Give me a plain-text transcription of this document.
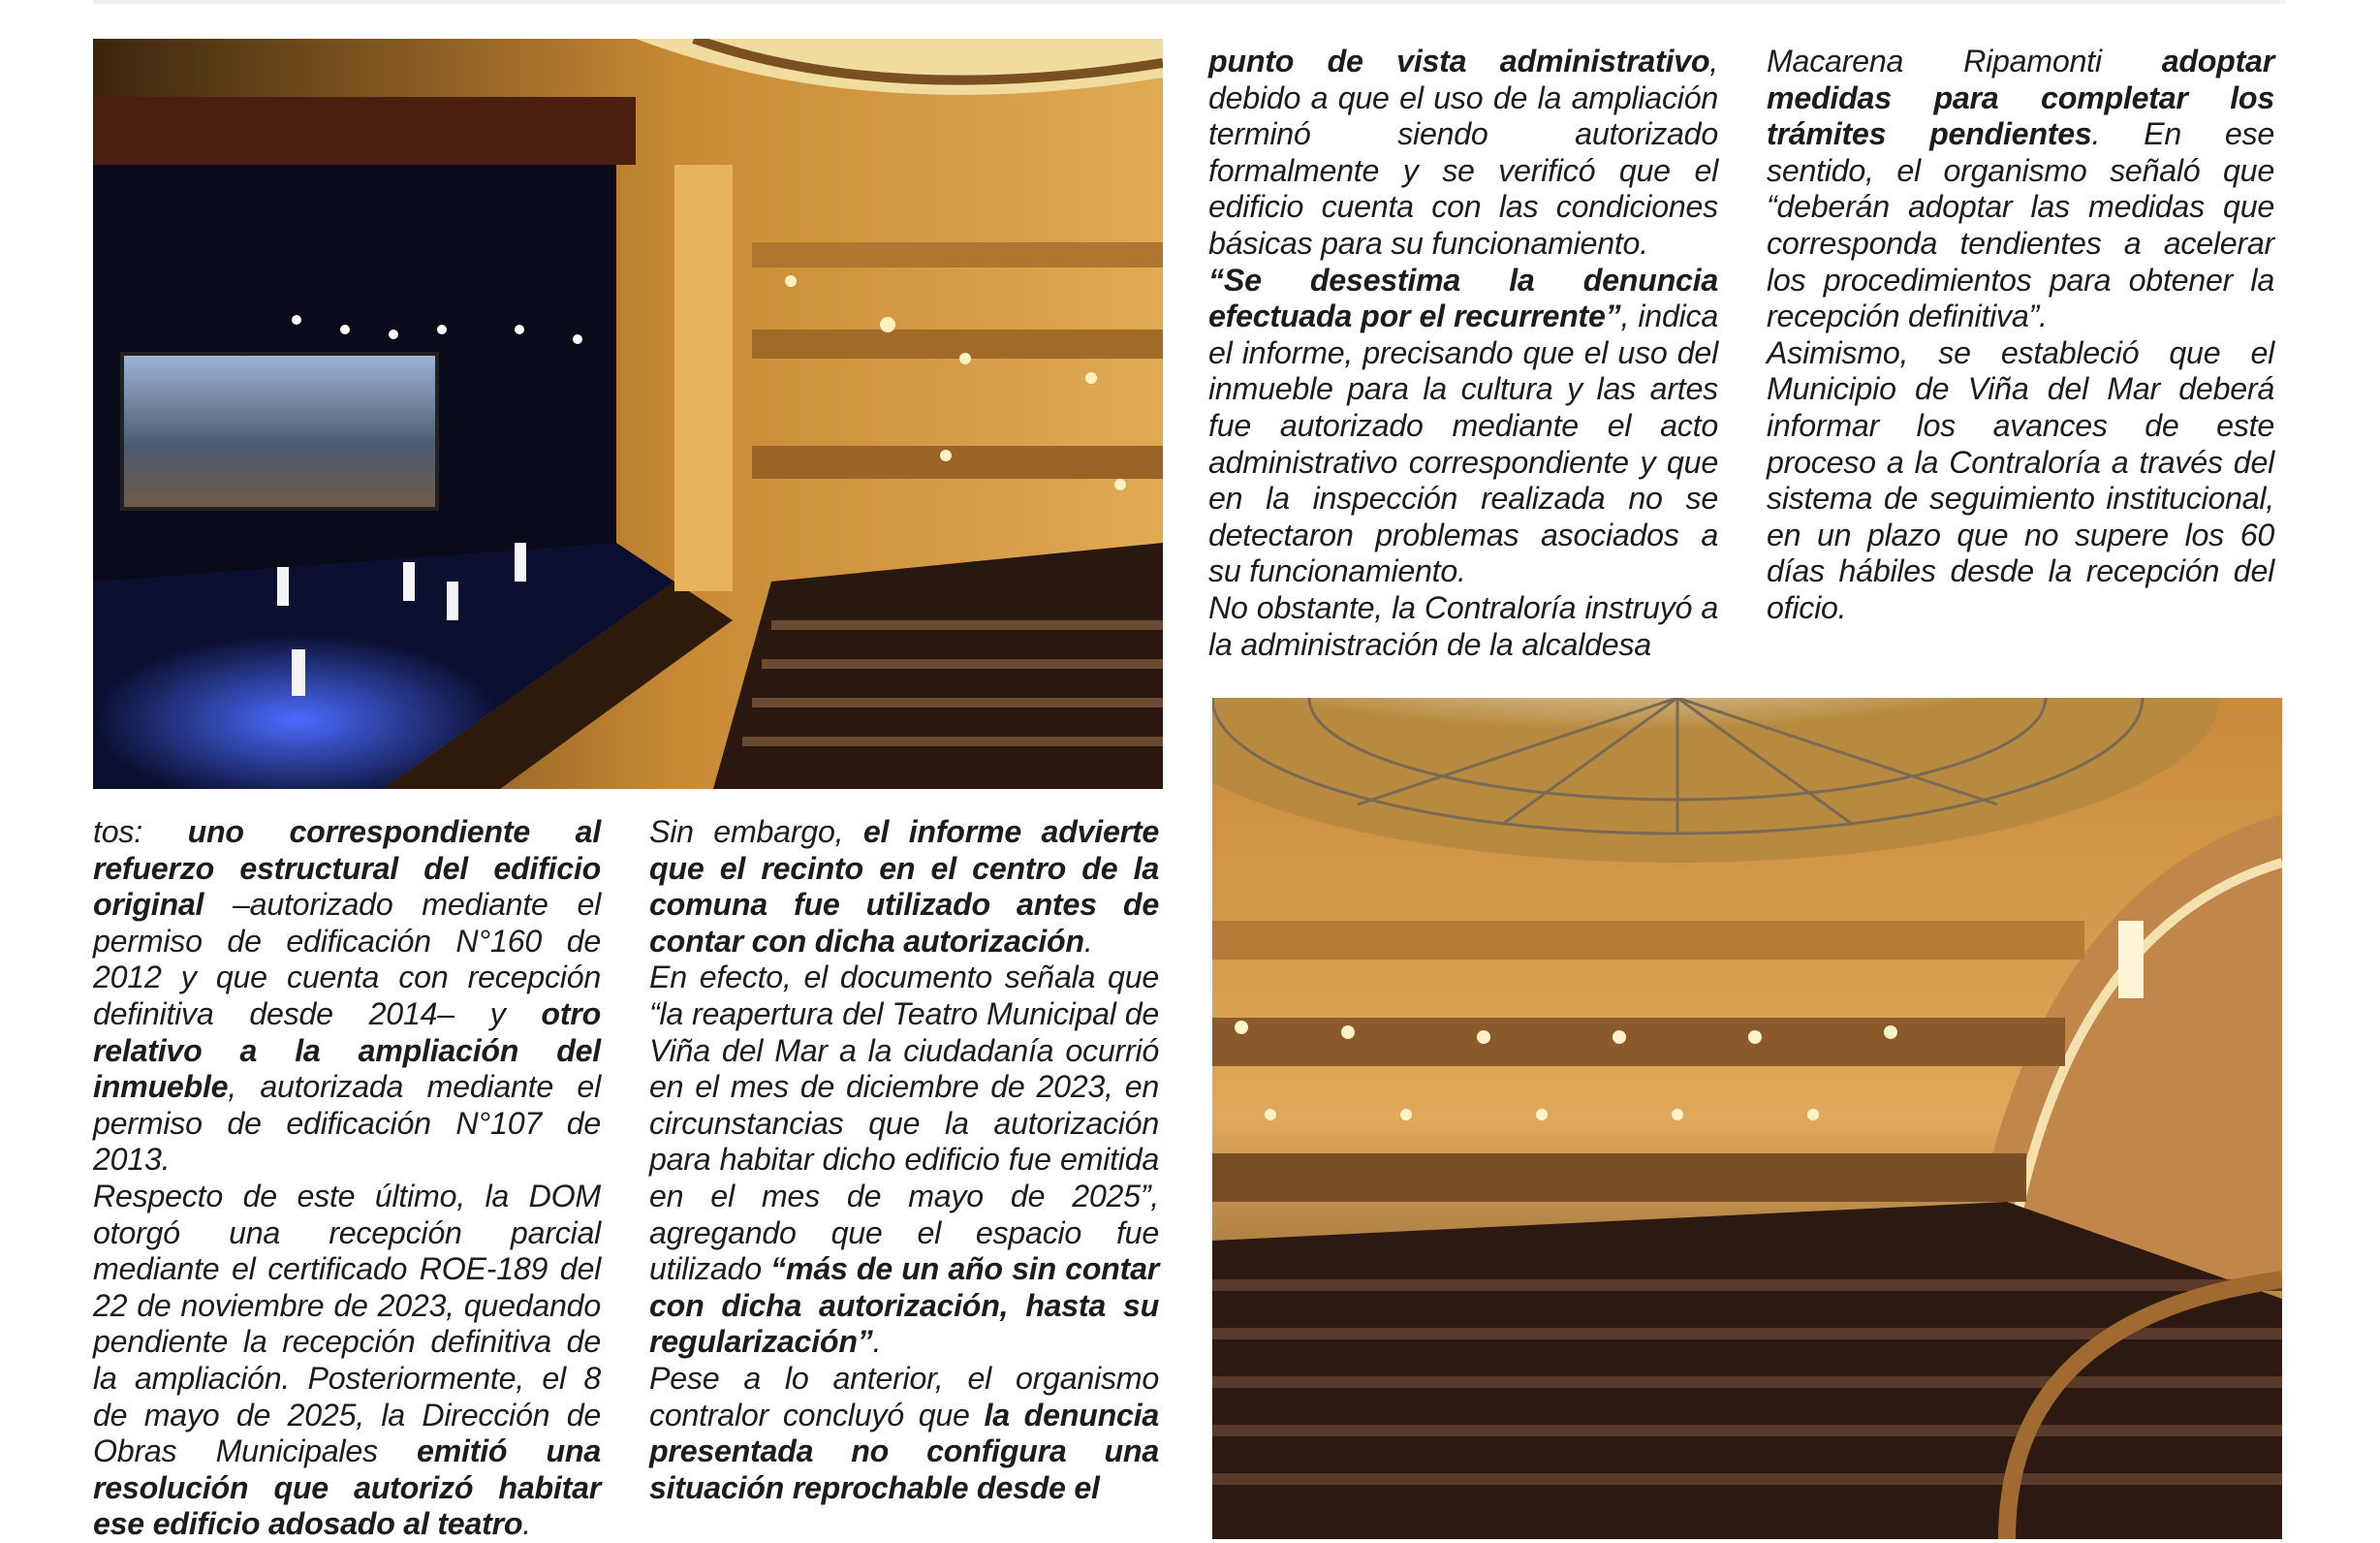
tos: uno correspondiente al refuerzo estructural del edificio original –autorizado mediante el permiso de edificación N°160 de 2012 y que cuenta con recepción definitiva desde 2014– y otro relativo a la ampliación del inmueble, autorizada mediante el permiso de edificación N°107 de 2013.

Respecto de este último, la DOM otorgó una recepción parcial mediante el certificado ROE-189 del 22 de noviembre de 2023, quedando pendiente la recepción definitiva de la ampliación. Posteriormente, el 8 de mayo de 2025, la Dirección de Obras Municipales emitió una resolución que autorizó habitar ese edificio adosado al teatro.

Sin embargo, el informe advierte que el recinto en el centro de la comuna fue utilizado antes de contar con dicha autorización.

En efecto, el documento señala que “la reapertura del Teatro Municipal de Viña del Mar a la ciudadanía ocurrió en el mes de diciembre de 2023, en circunstancias que la autorización para habitar dicho edificio fue emitida en el mes de mayo de 2025”, agregando que el espacio fue utilizado “más de un año sin contar con dicha autorización, hasta su regularización”.

Pese a lo anterior, el organismo contralor concluyó que la denuncia presentada no configura una situación reprochable desde el

punto de vista administrativo, debido a que el uso de la ampliación terminó siendo autorizado formalmente y se verificó que el edificio cuenta con las condiciones básicas para su funcionamiento.

“Se desestima la denuncia efectuada por el recurrente”, indica el informe, precisando que el uso del inmueble para la cultura y las artes fue autorizado mediante el acto administrativo correspondiente y que en la inspección realizada no se detectaron problemas asociados a su funcionamiento.

No obstante, la Contraloría instruyó a la administración de la alcaldesa

Macarena Ripamonti adoptar medidas para completar los trámites pendientes. En ese sentido, el organismo señaló que “deberán adoptar las medidas que corresponda tendientes a acelerar los procedimientos para obtener la recepción definitiva”.

Asimismo, se estableció que el Municipio de Viña del Mar deberá informar los avances de este proceso a la Contraloría a través del sistema de seguimiento institucional, en un plazo que no supere los 60 días hábiles desde la recepción del oficio.
